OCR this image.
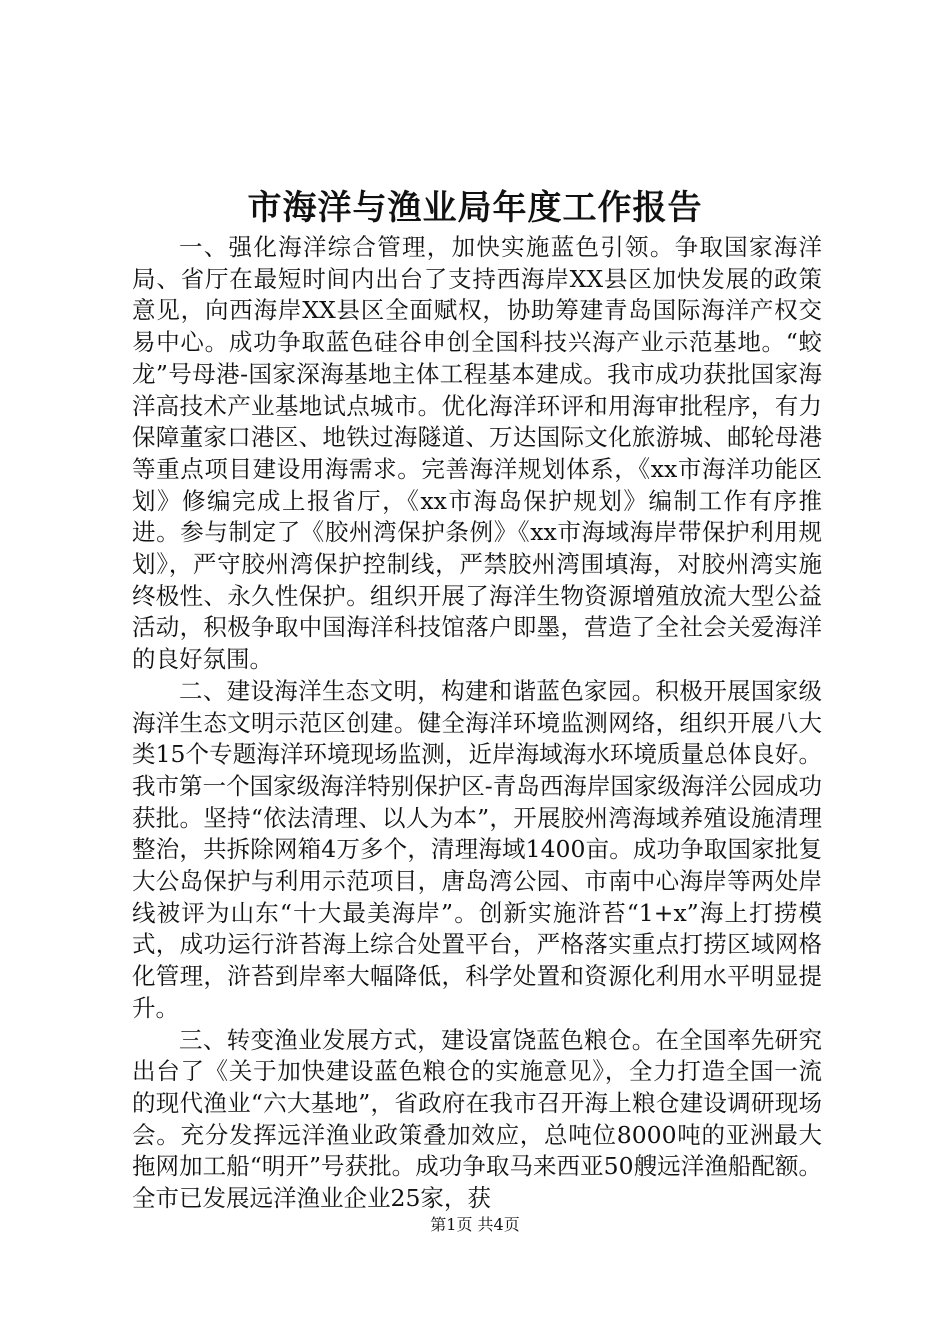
市海洋与渔业局年度工作报告

一、强化海洋综合管理，加快实施蓝色引领。争取国家海洋局、省厅在最短时间内出台了支持西海岸XX县区加快发展的政策意见，向西海岸XX县区全面赋权，协助筹建青岛国际海洋产权交易中心。成功争取蓝色硅谷申创全国科技兴海产业示范基地。“蛟龙”号母港-国家深海基地主体工程基本建成。我市成功获批国家海洋高技术产业基地试点城市。优化海洋环评和用海审批程序，有力保障董家口港区、地铁过海隧道、万达国际文化旅游城、邮轮母港等重点项目建设用海需求。完善海洋规划体系，《xx市海洋功能区划》修编完成上报省厅，《xx市海岛保护规划》编制工作有序推进。参与制定了《胶州湾保护条例》《xx市海域海岸带保护利用规划》，严守胶州湾保护控制线，严禁胶州湾围填海，对胶州湾实施终极性、永久性保护。组织开展了海洋生物资源增殖放流大型公益活动，积极争取中国海洋科技馆落户即墨，营造了全社会关爱海洋的良好氛围。

二、建设海洋生态文明，构建和谐蓝色家园。积极开展国家级海洋生态文明示范区创建。健全海洋环境监测网络，组织开展八大类15个专题海洋环境现场监测，近岸海域海水环境质量总体良好。我市第一个国家级海洋特别保护区-青岛西海岸国家级海洋公园成功获批。坚持“依法清理、以人为本”，开展胶州湾海域养殖设施清理整治，共拆除网箱4万多个，清理海域1400亩。成功争取国家批复大公岛保护与利用示范项目，唐岛湾公园、市南中心海岸等两处岸线被评为山东“十大最美海岸”。创新实施浒苔“1+x”海上打捞模式，成功运行浒苔海上综合处置平台，严格落实重点打捞区域网格化管理，浒苔到岸率大幅降低，科学处置和资源化利用水平明显提升。

三、转变渔业发展方式，建设富饶蓝色粮仓。在全国率先研究出台了《关于加快建设蓝色粮仓的实施意见》，全力打造全国一流的现代渔业“六大基地”，省政府在我市召开海上粮仓建设调研现场会。充分发挥远洋渔业政策叠加效应，总吨位8000吨的亚洲最大拖网加工船“明开”号获批。成功争取马来西亚50艘远洋渔船配额。全市已发展远洋渔业企业25家，获

第1页 共4页
